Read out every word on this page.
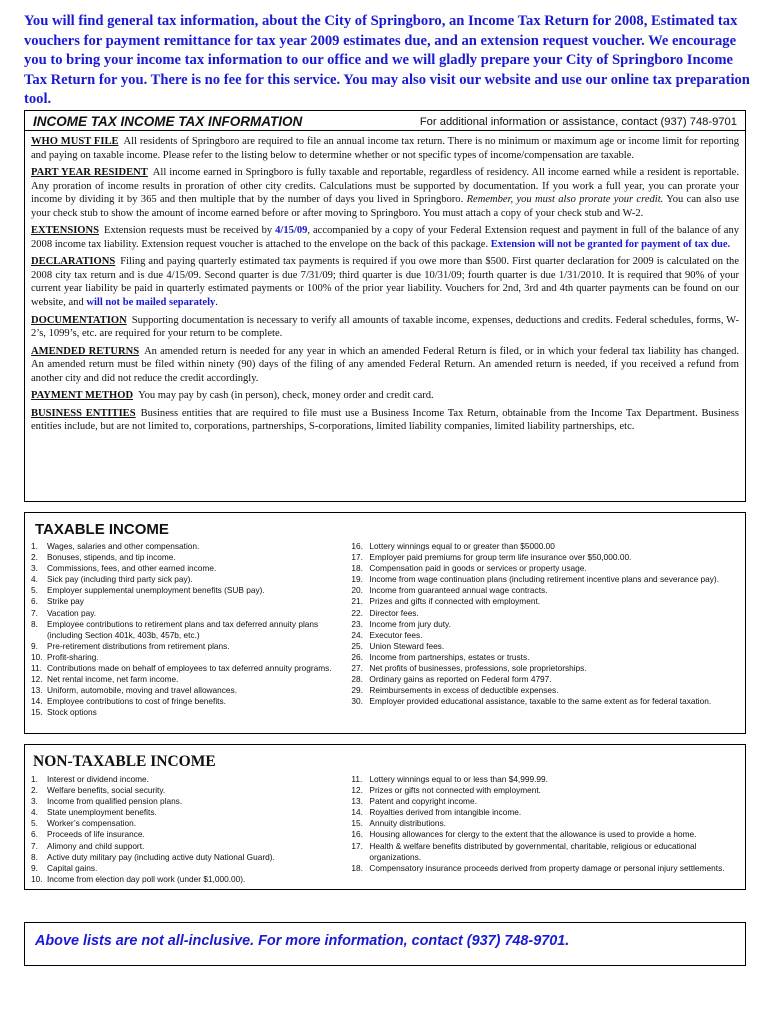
You will find general tax information, about the City of Springboro, an Income Tax Return for 2008, Estimated tax vouchers for payment remittance for tax year 2009 estimates due, and an extension request voucher. We encourage you to bring your income tax information to our office and we will gladly prepare your City of Springboro Income Tax Return for you. There is no fee for this service. You may also visit our website and use our online tax preparation tool.

INCOME TAX INCOME TAX INFORMATION	For additional information or assistance, contact (937) 748-9701

WHO MUST FILE All residents of Springboro are required to file an annual income tax return. There is no minimum or maximum age or income limit for reporting and paying on taxable income. Please refer to the listing below to determine whether or not specific types of income/compensation are taxable.

PART YEAR RESIDENT All income earned in Springboro is fully taxable and reportable, regardless of residency. All income earned while a resident is reportable. Any proration of income results in proration of other city credits. Calculations must be supported by documentation. If you work a full year, you can prorate your income by dividing it by 365 and then multiple that by the number of days you lived in Springboro. Remember, you must also prorate your credit. You can also use your check stub to show the amount of income earned before or after moving to Springboro. You must attach a copy of your check stub and W-2.

EXTENSIONS Extension requests must be received by 4/15/09, accompanied by a copy of your Federal Extension request and payment in full of the balance of any 2008 income tax liability. Extension request voucher is attached to the envelope on the back of this package. Extension will not be granted for payment of tax due.

DECLARATIONS Filing and paying quarterly estimated tax payments is required if you owe more than $500. First quarter declaration for 2009 is calculated on the 2008 city tax return and is due 4/15/09. Second quarter is due 7/31/09; third quarter is due 10/31/09; fourth quarter is due 1/31/2010. It is required that 90% of your current year liability be paid in quarterly estimated payments or 100% of the prior year liability. Vouchers for 2nd, 3rd and 4th quarter payments can be found on our website, and will not be mailed separately.

DOCUMENTATION Supporting documentation is necessary to verify all amounts of taxable income, expenses, deductions and credits. Federal schedules, forms, W-2’s, 1099’s, etc. are required for your return to be complete.

AMENDED RETURNS An amended return is needed for any year in which an amended Federal Return is filed, or in which your federal tax liability has changed. An amended return must be filed within ninety (90) days of the filing of any amended Federal Return. An amended return is needed, if you received a refund from another city and did not reduce the credit accordingly.

PAYMENT METHOD You may pay by cash (in person), check, money order and credit card.

BUSINESS ENTITIES Business entities that are required to file must use a Business Income Tax Return, obtainable from the Income Tax Department. Business entities include, but are not limited to, corporations, partnerships, S-corporations, limited liability companies, limited liability partnerships, etc.

TAXABLE INCOME
1.	Wages, salaries and other compensation.
2.	Bonuses, stipends, and tip income.
3.	Commissions, fees, and other earned income.
4.	Sick pay (including third party sick pay).
5.	Employer supplemental unemployment benefits (SUB pay).
6.	Strike pay
7.	Vacation pay.
8.	Employee contributions to retirement plans and tax deferred annuity plans (including Section 401k, 403b, 457b, etc.)
9.	Pre-retirement distributions from retirement plans.
10. Profit-sharing.
11. Contributions made on behalf of employees to tax deferred annuity programs.
12. Net rental income, net farm income.
13. Uniform, automobile, moving and travel allowances.
14. Employee contributions to cost of fringe benefits.
15. Stock options
16. Lottery winnings equal to or greater than $5000.00
17. Employer paid premiums for group term life insurance over $50,000.00.
18. Compensation paid in goods or services or property usage.
19. Income from wage continuation plans (including retirement incentive plans and severance pay).
20. Income from guaranteed annual wage contracts.
21. Prizes and gifts if connected with employment.
22. Director fees.
23. Income from jury duty.
24. Executor fees.
25. Union Steward fees.
26. Income from partnerships, estates or trusts.
27. Net profits of businesses, professions, sole proprietorships.
28. Ordinary gains as reported on Federal form 4797.
29. Reimbursements in excess of deductible expenses.
30. Employer provided educational assistance, taxable to the same extent as for federal taxation.
NON-TAXABLE INCOME
1.	Interest or dividend income.
2.	Welfare benefits, social security.
3.	Income from qualified pension plans.
4.	State unemployment benefits.
5.	Worker’s compensation.
6.	Proceeds of life insurance.
7.	Alimony and child support.
8.	Active duty military pay (including active duty National Guard).
9.	Capital gains.
10. Income from election day poll work (under $1,000.00).
11. Lottery winnings equal to or less than $4,999.99.
12. Prizes or gifts not connected with employment.
13. Patent and copyright income.
14. Royalties derived from intangible income.
15. Annuity distributions.
16. Housing allowances for clergy to the extent that the allowance is used to provide a home.
17. Health & welfare benefits distributed by governmental, charitable, religious or educational organizations.
18. Compensatory insurance proceeds derived from property damage or personal injury settlements.
Above lists are not all-inclusive. For more information, contact (937) 748-9701.
